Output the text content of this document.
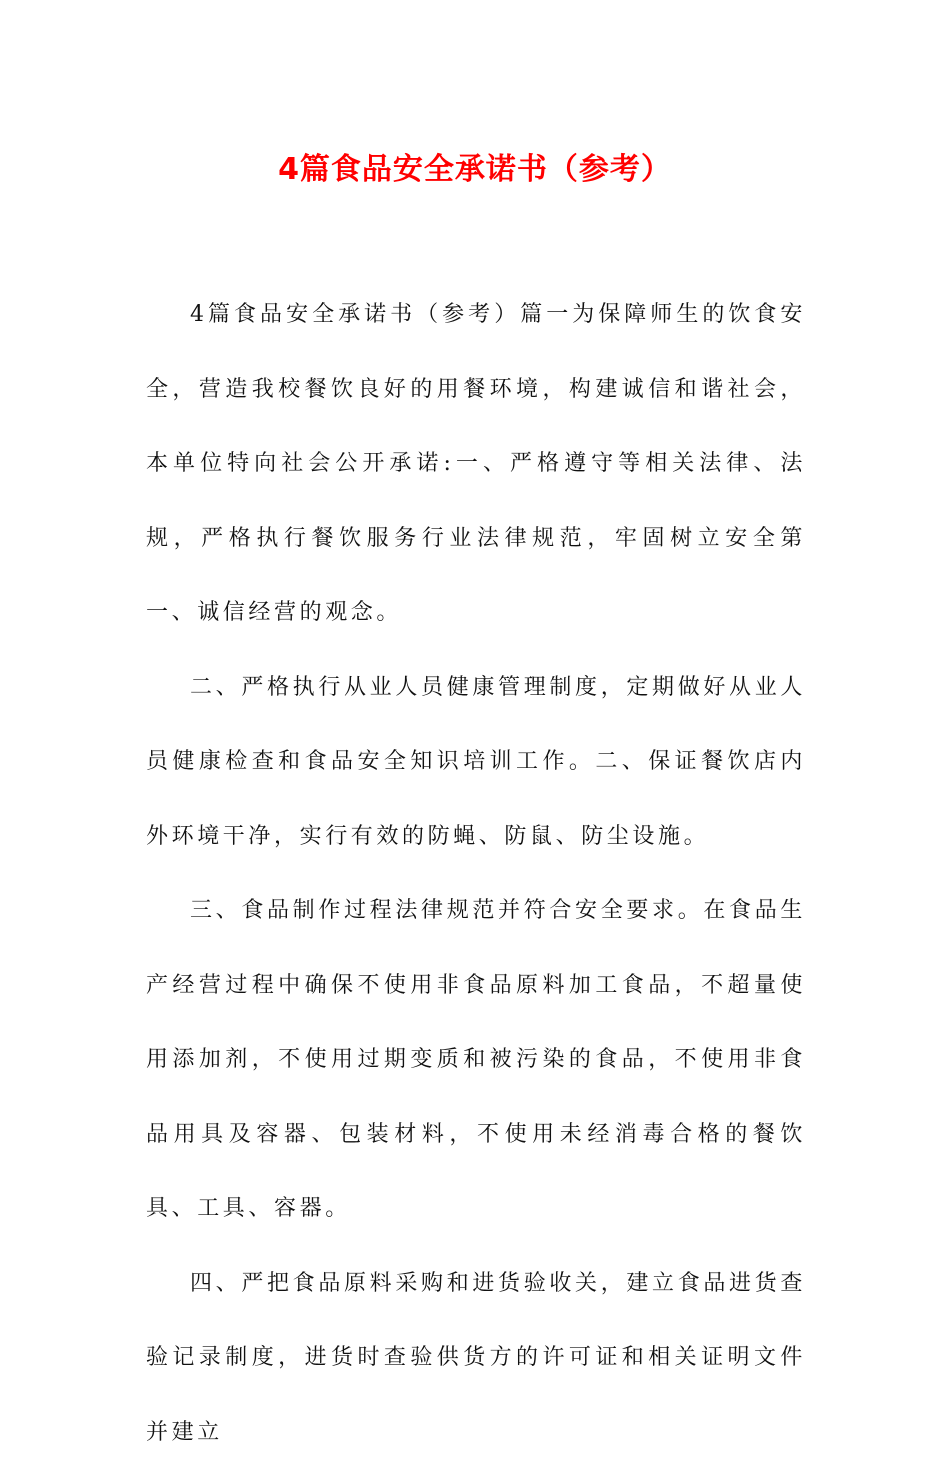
4篇食品安全承诺书（参考）

4篇食品安全承诺书（参考）篇一为保障师生的饮食安全，营造我校餐饮良好的用餐环境，构建诚信和谐社会，本单位特向社会公开承诺:一、严格遵守等相关法律、法规，严格执行餐饮服务行业法律规范，牢固树立安全第一、诚信经营的观念。

二、严格执行从业人员健康管理制度，定期做好从业人员健康检查和食品安全知识培训工作。二、保证餐饮店内外环境干净，实行有效的防蝇、防鼠、防尘设施。

三、食品制作过程法律规范并符合安全要求。在食品生产经营过程中确保不使用非食品原料加工食品，不超量使用添加剂，不使用过期变质和被污染的食品，不使用非食品用具及容器、包装材料，不使用未经消毒合格的餐饮具、工具、容器。

四、严把食品原料采购和进货验收关，建立食品进货查验记录制度，进货时查验供货方的许可证和相关证明文件并建立
